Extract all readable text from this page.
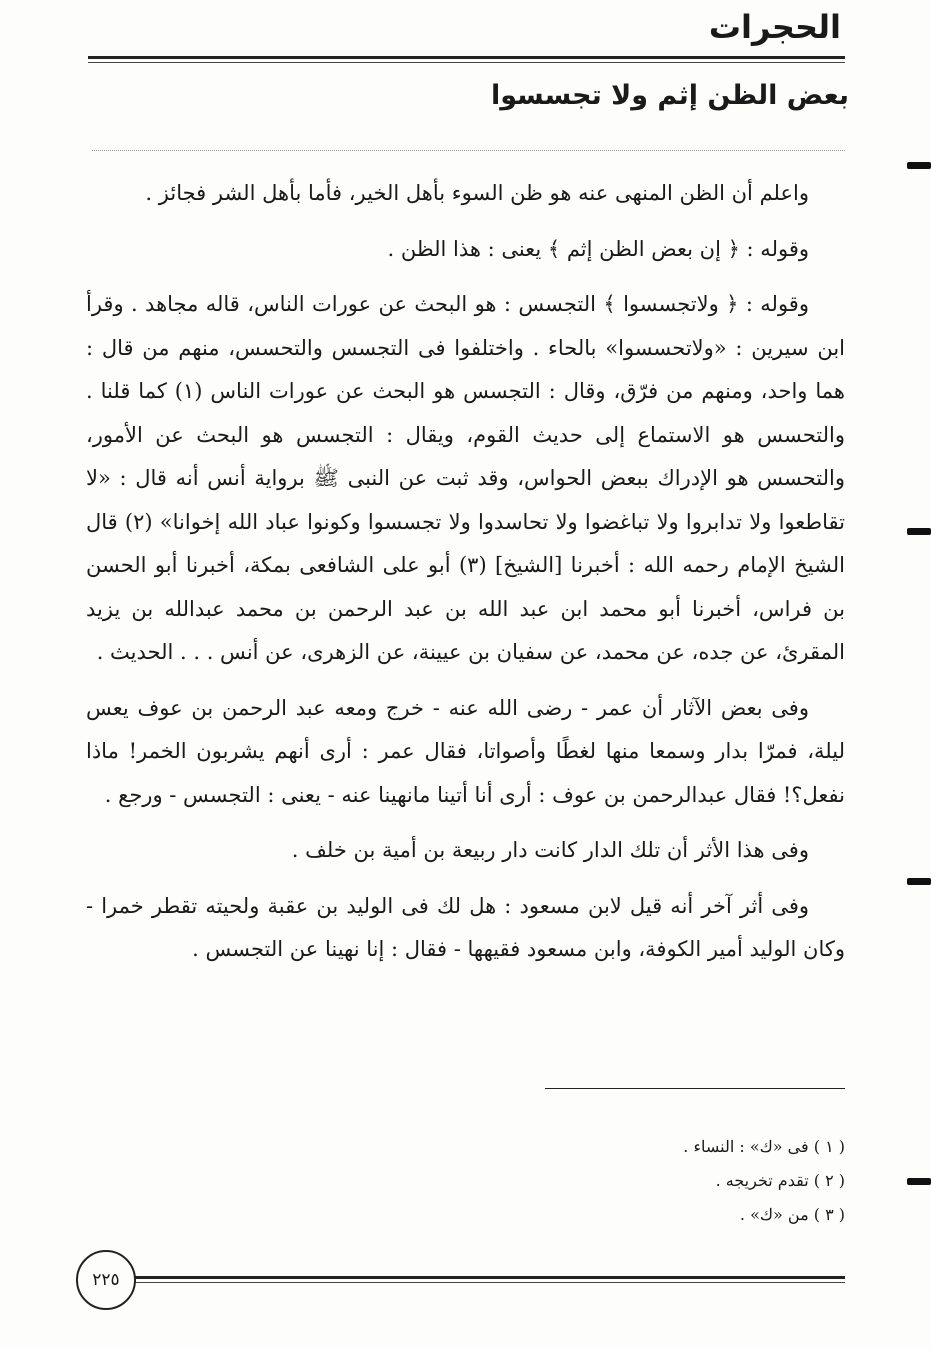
الحجرات
بعض الظن إثم ولا تجسسوا

واعلم أن الظن المنهى عنه هو ظن السوء بأهل الخير، فأما بأهل الشر فجائز .

وقوله : ﴿ إن بعض الظن إثم ﴾ يعنى : هذا الظن .

وقوله : ﴿ ولاتجسسوا ﴾ التجسس : هو البحث عن عورات الناس، قاله مجاهد . وقرأ ابن سيرين : «ولاتحسسوا» بالحاء . واختلفوا فى التجسس والتحسس، منهم من قال : هما واحد، ومنهم من فرّق، وقال : التجسس هو البحث عن عورات الناس (١) كما قلنا . والتحسس هو الاستماع إلى حديث القوم، ويقال : التجسس هو البحث عن الأمور، والتحسس هو الإدراك ببعض الحواس، وقد ثبت عن النبى ﷺ برواية أنس أنه قال : «لا تقاطعوا ولا تدابروا ولا تباغضوا ولا تحاسدوا ولا تجسسوا وكونوا عباد الله إخوانا» (٢) قال الشيخ الإمام رحمه الله : أخبرنا [الشيخ] (٣) أبو على الشافعى بمكة، أخبرنا أبو الحسن بن فراس، أخبرنا أبو محمد ابن عبد الله بن عبد الرحمن بن محمد عبدالله بن يزيد المقرئ، عن جده، عن محمد، عن سفيان بن عيينة، عن الزهرى، عن أنس . . . الحديث .

وفى بعض الآثار أن عمر - رضى الله عنه - خرج ومعه عبد الرحمن بن عوف يعس ليلة، فمرّا بدار وسمعا منها لغطًا وأصواتا، فقال عمر : أرى أنهم يشربون الخمر! ماذا نفعل؟! فقال عبدالرحمن بن عوف : أرى أنا أتينا مانهينا عنه - يعنى : التجسس - ورجع .

وفى هذا الأثر أن تلك الدار كانت دار ربيعة بن أمية بن خلف .

وفى أثر آخر أنه قيل لابن مسعود : هل لك فى الوليد بن عقبة ولحيته تقطر خمرا - وكان الوليد أمير الكوفة، وابن مسعود فقيهها - فقال : إنا نهينا عن التجسس .

( ١ ) فى «ك» : النساء .
( ٢ ) تقدم تخريجه .
( ٣ ) من «ك» .
٢٢٥
